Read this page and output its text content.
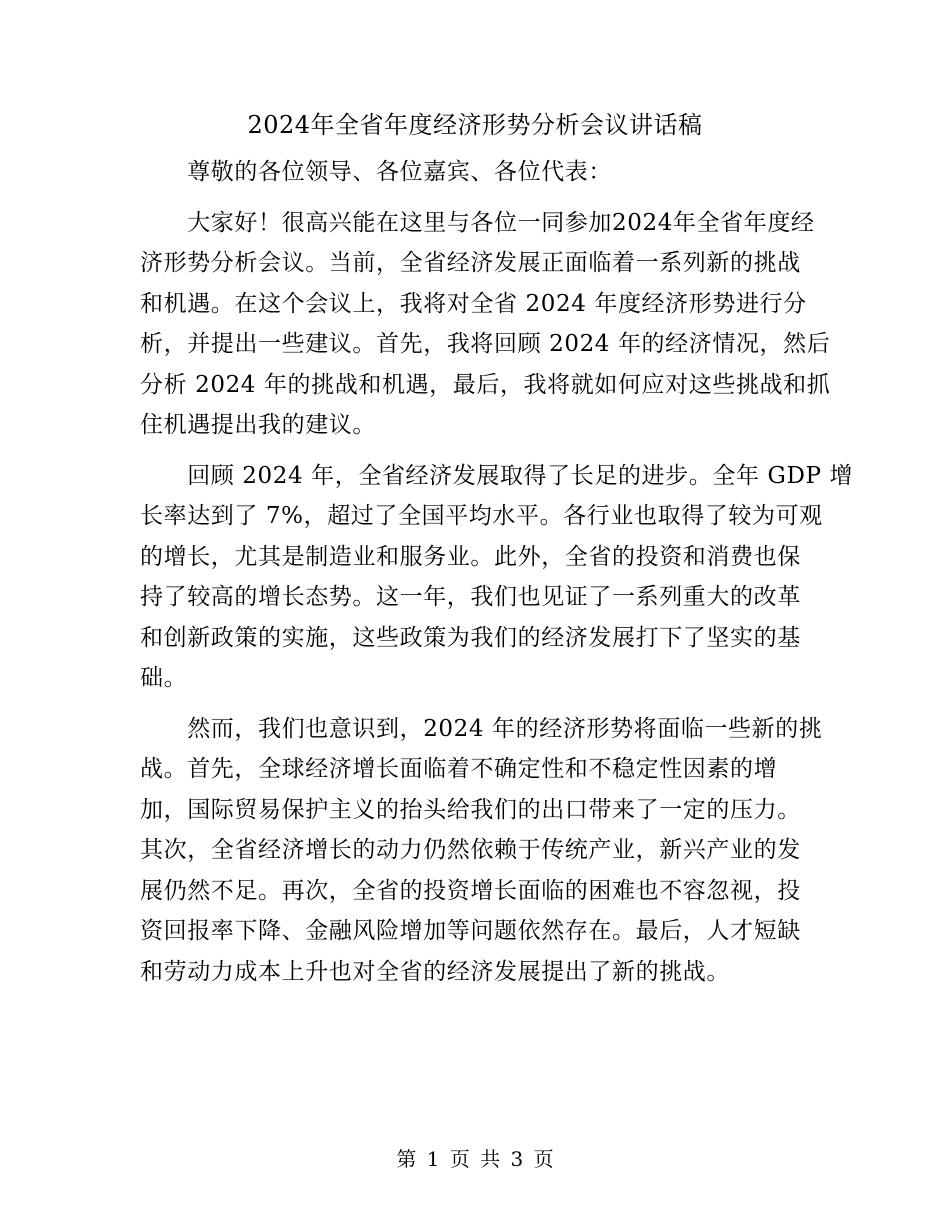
2024年全省年度经济形势分析会议讲话稿
　　尊敬的各位领导、各位嘉宾、各位代表：
　　大家好！很高兴能在这里与各位一同参加2024年全省年度经
济形势分析会议。当前，全省经济发展正面临着一系列新的挑战
和机遇。在这个会议上，我将对全省 2024 年度经济形势进行分
析，并提出一些建议。首先，我将回顾 2024 年的经济情况，然后
分析 2024 年的挑战和机遇，最后，我将就如何应对这些挑战和抓
住机遇提出我的建议。
　　回顾 2024 年，全省经济发展取得了长足的进步。全年 GDP 增
长率达到了 7%，超过了全国平均水平。各行业也取得了较为可观
的增长，尤其是制造业和服务业。此外，全省的投资和消费也保
持了较高的增长态势。这一年，我们也见证了一系列重大的改革
和创新政策的实施，这些政策为我们的经济发展打下了坚实的基
础。
　　然而，我们也意识到，2024 年的经济形势将面临一些新的挑
战。首先，全球经济增长面临着不确定性和不稳定性因素的增
加，国际贸易保护主义的抬头给我们的出口带来了一定的压力。
其次，全省经济增长的动力仍然依赖于传统产业，新兴产业的发
展仍然不足。再次，全省的投资增长面临的困难也不容忽视，投
资回报率下降、金融风险增加等问题依然存在。最后，人才短缺
和劳动力成本上升也对全省的经济发展提出了新的挑战。
第 1 页 共 3 页
